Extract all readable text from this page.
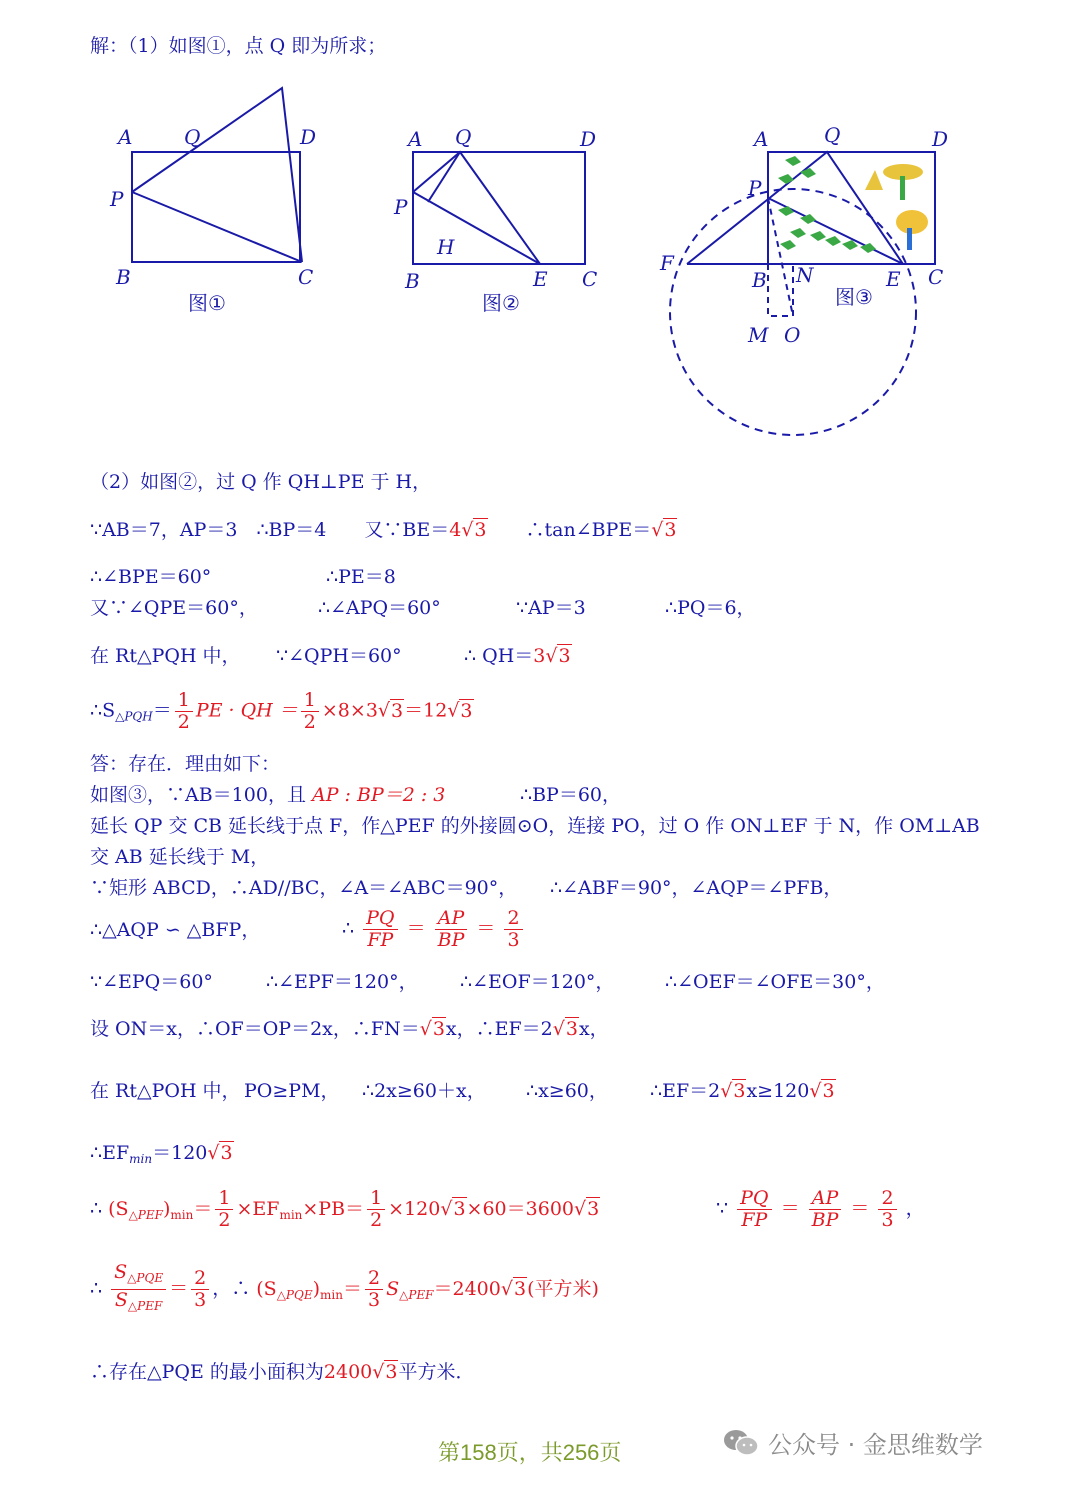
解：（1）如图①，点 Q 即为所求；
A	Q	D
P
B	C
图①
A Q	D
P
H
B	E C
图②
A	Q	D
P
F
B N	E C
M O
图③
（2）如图②，过 Q 作 QH⊥PE 于 H，
∵AB＝7，AP＝3　∴BP＝4　　又∵BE＝4√3　　∴tan∠BPE＝√3
∴∠BPE＝60°	∴PE＝8
又∵∠QPE＝60°，	∴∠APQ＝60°	∵AP＝3	∴PQ＝6，
在 Rt△PQH 中， ∵∠QPH＝60°	∴ QH＝3√3
$\therefore S_{\triangle PQH}= \frac{1}{2}$ PE · QH ＝ $\frac{1}{2} \times 8\times 3√3=12√3$
答：存在．理由如下：
如图③，∵AB＝100，且 AP : BP＝2 : 3	∴BP＝60，
延长 QP 交 CB 延长线于点 F，作△PEF 的外接圆⊙O，连接 PO，过 O 作 ON⊥EF 于 N，作 OM⊥AB
交 AB 延长线于 M，
∵矩形 ABCD，∴AD//BC，∠A＝∠ABC＝90°， ∴∠ABF＝90°，∠AQP＝∠PFB，
∴△AQP ∽ △BFP，	∴ $\frac{PQ}{FP} = \frac{AP}{BP} = \frac{2}{3}$
∵∠EPQ＝60°	∴∠EPF＝120°， ∴∠EOF＝120°，	∴∠OEF＝∠OFE＝30°，
设 ON＝x，∴OF＝OP＝2x，∴FN＝√3x，∴EF＝2√3x，
在 Rt△POH 中， PO≥PM， ∴2x≥60＋x， ∴x≥60， ∴EF＝2√3x≥120√3
$\therefore EF_{min}=120√3$
∴ $(S_{\triangle PEF})_{min}= \frac{1}{2} \times EF_{min}\times PB= \frac{1}{2} \times 120√3\times 60=3600√3$	∵ $\frac{PQ}{FP} = \frac{AP}{BP} = \frac{2}{3}$ ，
∴ $\frac{S_{\triangle PQE}}{S_{\triangle PEF}} = \frac{2}{3}$ ，∴ $(S_{\triangle PQE})_{min}= \frac{2}{3} S_{\triangle PEF}=2400√3$(平方米)
∴存在△PQE 的最小面积为2400√3平方米．
第158页，共256页	公众号 · 金思维数学
